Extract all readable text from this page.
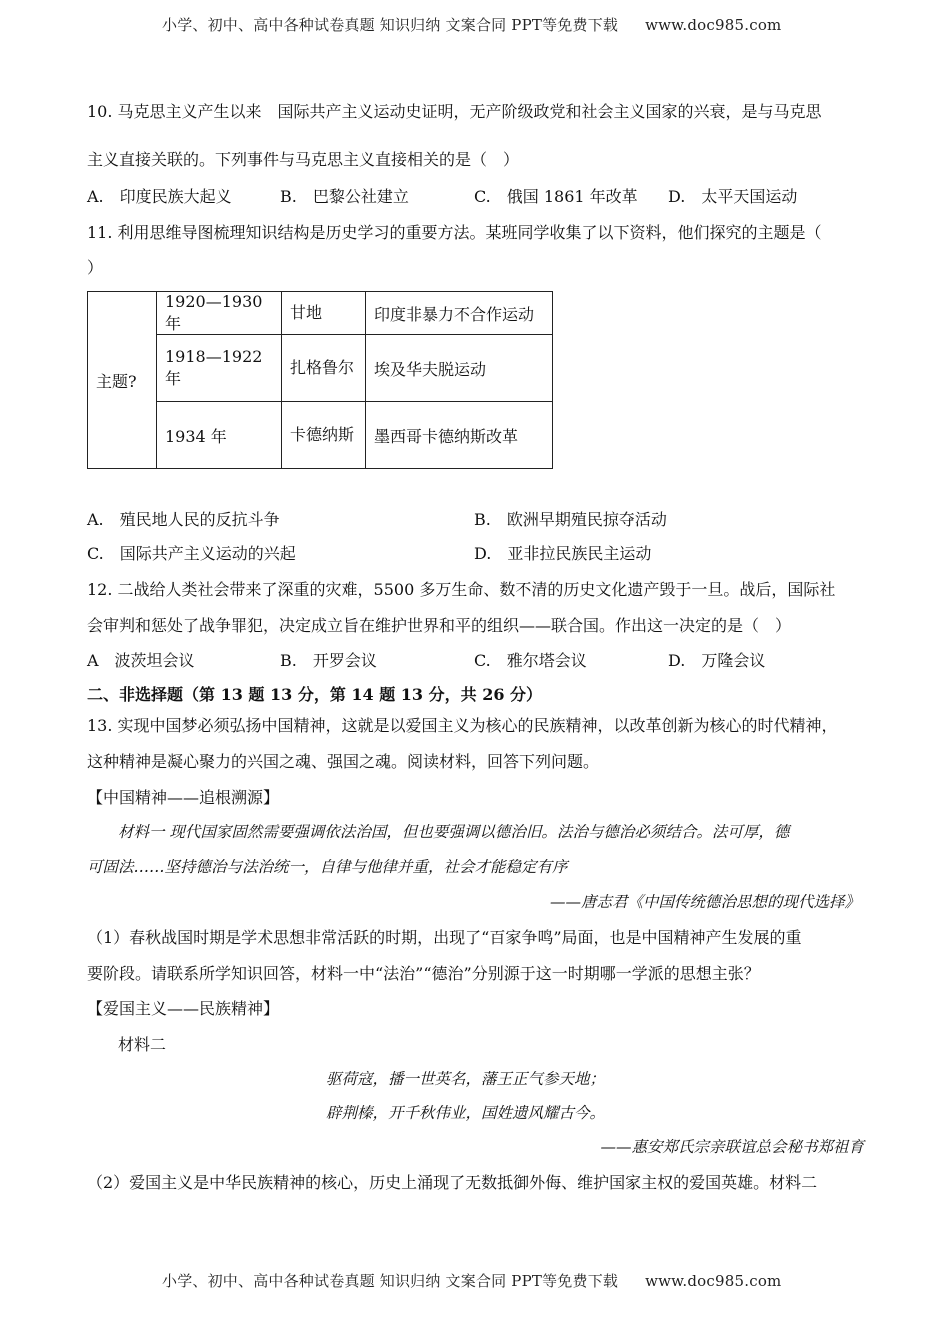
小学、初中、高中各种试卷真题 知识归纳 文案合同 PPT等免费下载 www.doc985.com
10. 马克思主义产生以来　国际共产主义运动史证明，无产阶级政党和社会主义国家的兴衰，是与马克思
主义直接关联的。下列事件与马克思主义直接相关的是（　）
A.　印度民族大起义	B.　巴黎公社建立	C.　俄国 1861 年改革 D.　太平天国运动
11. 利用思维导图梳理知识结构是历史学习的重要方法。某班同学收集了以下资料，他们探究的主题是（
）
主题?	1920—1930 年	甘地	印度非暴力不合作运动
	1918—1922 年	扎格鲁尔	埃及华夫脱运动
	1934 年	卡德纳斯	墨西哥卡德纳斯改革
A.　殖民地人民的反抗斗争	B.　欧洲早期殖民掠夺活动
C.　国际共产主义运动的兴起	D.　亚非拉民族民主运动
12. 二战给人类社会带来了深重的灾难，5500 多万生命、数不清的历史文化遗产毁于一旦。战后，国际社
会审判和惩处了战争罪犯，决定成立旨在维护世界和平的组织——联合国。作出这一决定的是（　）
A　波茨坦会议	B.　开罗会议	C.　雅尔塔会议	D.　万隆会议
二、非选择题（第 13 题 13 分，第 14 题 13 分，共 26 分）
13. 实现中国梦必须弘扬中国精神，这就是以爱国主义为核心的民族精神，以改革创新为核心的时代精神，
这种精神是凝心聚力的兴国之魂、强国之魂。阅读材料，回答下列问题。
【中国精神——追根溯源】
材料一 现代国家固然需要强调依法治国，但也要强调以德治旧。法治与德治必须结合。法可厚，德
可固法……坚持德治与法治统一，自律与他律并重，社会才能稳定有序
——唐志君《中国传统德治思想的现代选择》
（1）春秋战国时期是学术思想非常活跃的时期，出现了“百家争鸣”局面，也是中国精神产生发展的重
要阶段。请联系所学知识回答，材料一中“法治”“德治”分别源于这一时期哪一学派的思想主张？
【爱国主义——民族精神】
材料二
驱荷寇，播一世英名，藩王正气参天地；
辟荆榛，开千秋伟业，国姓遗风耀古今。
——惠安郑氏宗亲联谊总会秘书郑祖育
（2）爱国主义是中华民族精神的核心，历史上涌现了无数抵御外侮、维护国家主权的爱国英雄。材料二
小学、初中、高中各种试卷真题 知识归纳 文案合同 PPT等免费下载 www.doc985.com
